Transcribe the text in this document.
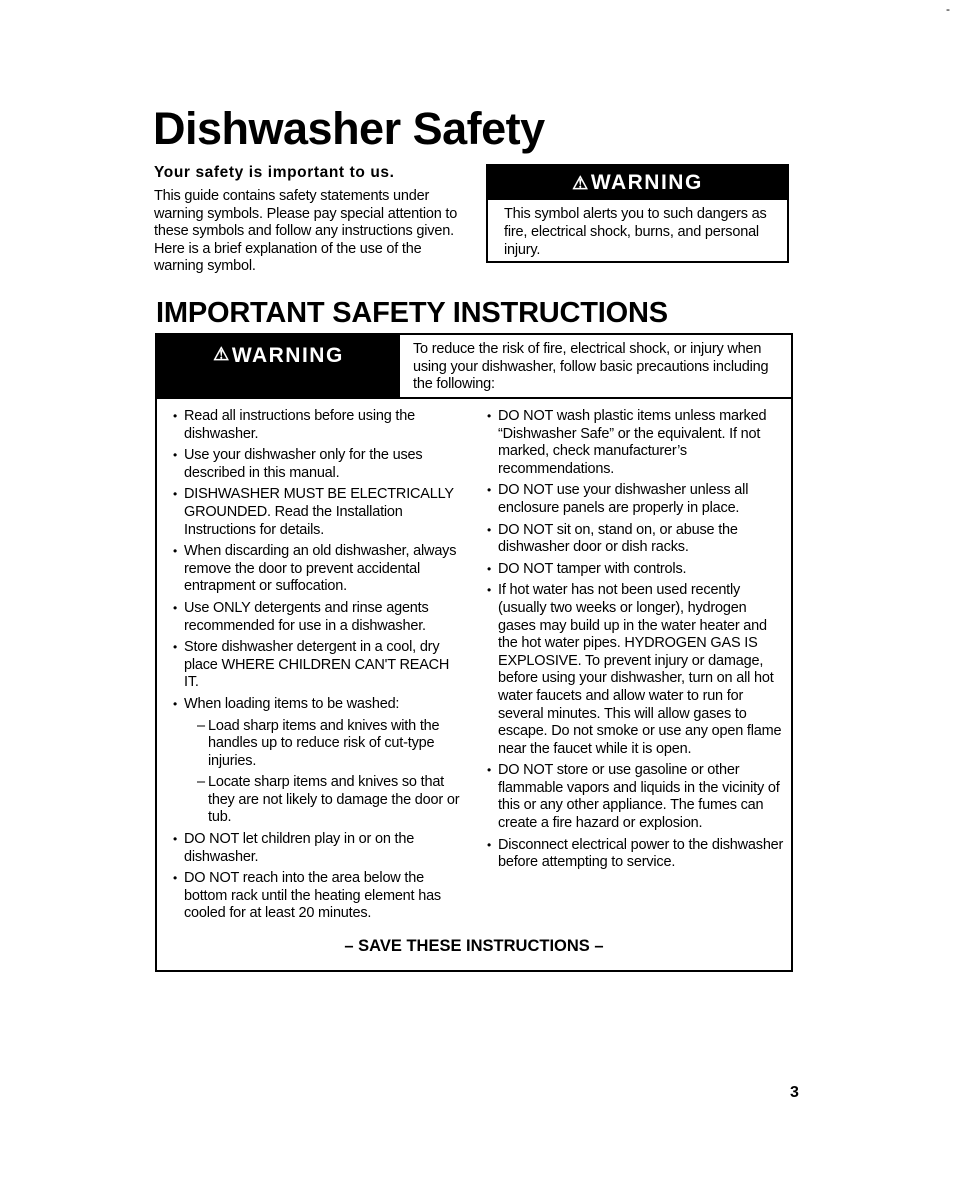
-
Dishwasher Safety
Your safety is important to us.

This guide contains safety statements under warning symbols. Please pay special attention to these symbols and follow any instructions given. Here is a brief explanation of the use of the warning symbol.

⚠ WARNING
This symbol alerts you to such dangers as fire, electrical shock, burns, and personal injury.
IMPORTANT SAFETY INSTRUCTIONS
⚠ WARNING	To reduce the risk of fire, electrical shock, or injury when using your dishwasher, follow basic precautions including the following:
• Read all instructions before using the dishwasher.
• Use your dishwasher only for the uses described in this manual.
• DISHWASHER MUST BE ELECTRICALLY GROUNDED. Read the Installation Instructions for details.
• When discarding an old dishwasher, always remove the door to prevent accidental entrapment or suffocation.
• Use ONLY detergents and rinse agents recommended for use in a dishwasher.
• Store dishwasher detergent in a cool, dry place WHERE CHILDREN CAN'T REACH IT.
• When loading items to be washed:
– Load sharp items and knives with the handles up to reduce risk of cut-type injuries.
– Locate sharp items and knives so that they are not likely to damage the door or tub.
• DO NOT let children play in or on the dishwasher.
• DO NOT reach into the area below the bottom rack until the heating element has cooled for at least 20 minutes.
• DO NOT wash plastic items unless marked “Dishwasher Safe” or the equivalent. If not marked, check manufacturer’s recommendations.
• DO NOT use your dishwasher unless all enclosure panels are properly in place.
• DO NOT sit on, stand on, or abuse the dishwasher door or dish racks.
• DO NOT tamper with controls.
• If hot water has not been used recently (usually two weeks or longer), hydrogen gases may build up in the water heater and the hot water pipes. HYDROGEN GAS IS EXPLOSIVE. To prevent injury or damage, before using your dishwasher, turn on all hot water faucets and allow water to run for several minutes. This will allow gases to escape. Do not smoke or use any open flame near the faucet while it is open.
• DO NOT store or use gasoline or other flammable vapors and liquids in the vicinity of this or any other appliance. The fumes can create a fire hazard or explosion.
• Disconnect electrical power to the dishwasher before attempting to service.
– SAVE THESE INSTRUCTIONS –
3
